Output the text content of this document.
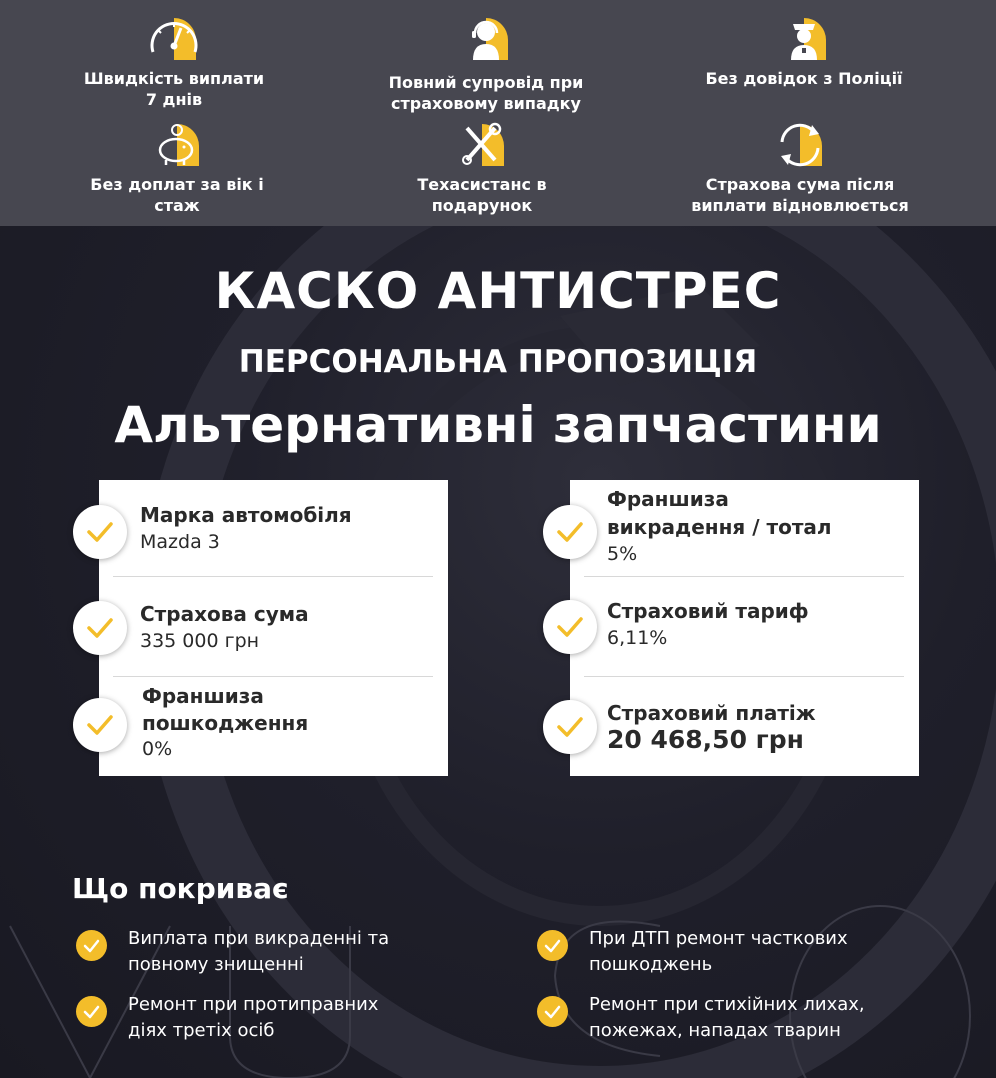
Швидкість виплати
7 днів
Повний супровід при
страховому випадку
Без довідок з Поліції
Без доплат за вік і
стаж
Техасистанс в
подарунок
Страхова сума після
виплати відновлюється
КАСКО АНТИСТРЕС
ПЕРСОНАЛЬНА ПРОПОЗИЦІЯ
Альтернативні запчастини
Марка автомобіля
Mazda 3
Страхова сума
335 000 грн
Франшиза
пошкодження
0%
Франшиза
викрадення / тотал
5%
Страховий тариф
6,11%
Страховий платіж
20 468,50 грн
Що покриває
Виплата при викраденні та
повному знищенні
При ДТП ремонт часткових
пошкоджень
Ремонт при протиправних
діях третіх осіб
Ремонт при стихійних лихах,
пожежах, нападах тварин
